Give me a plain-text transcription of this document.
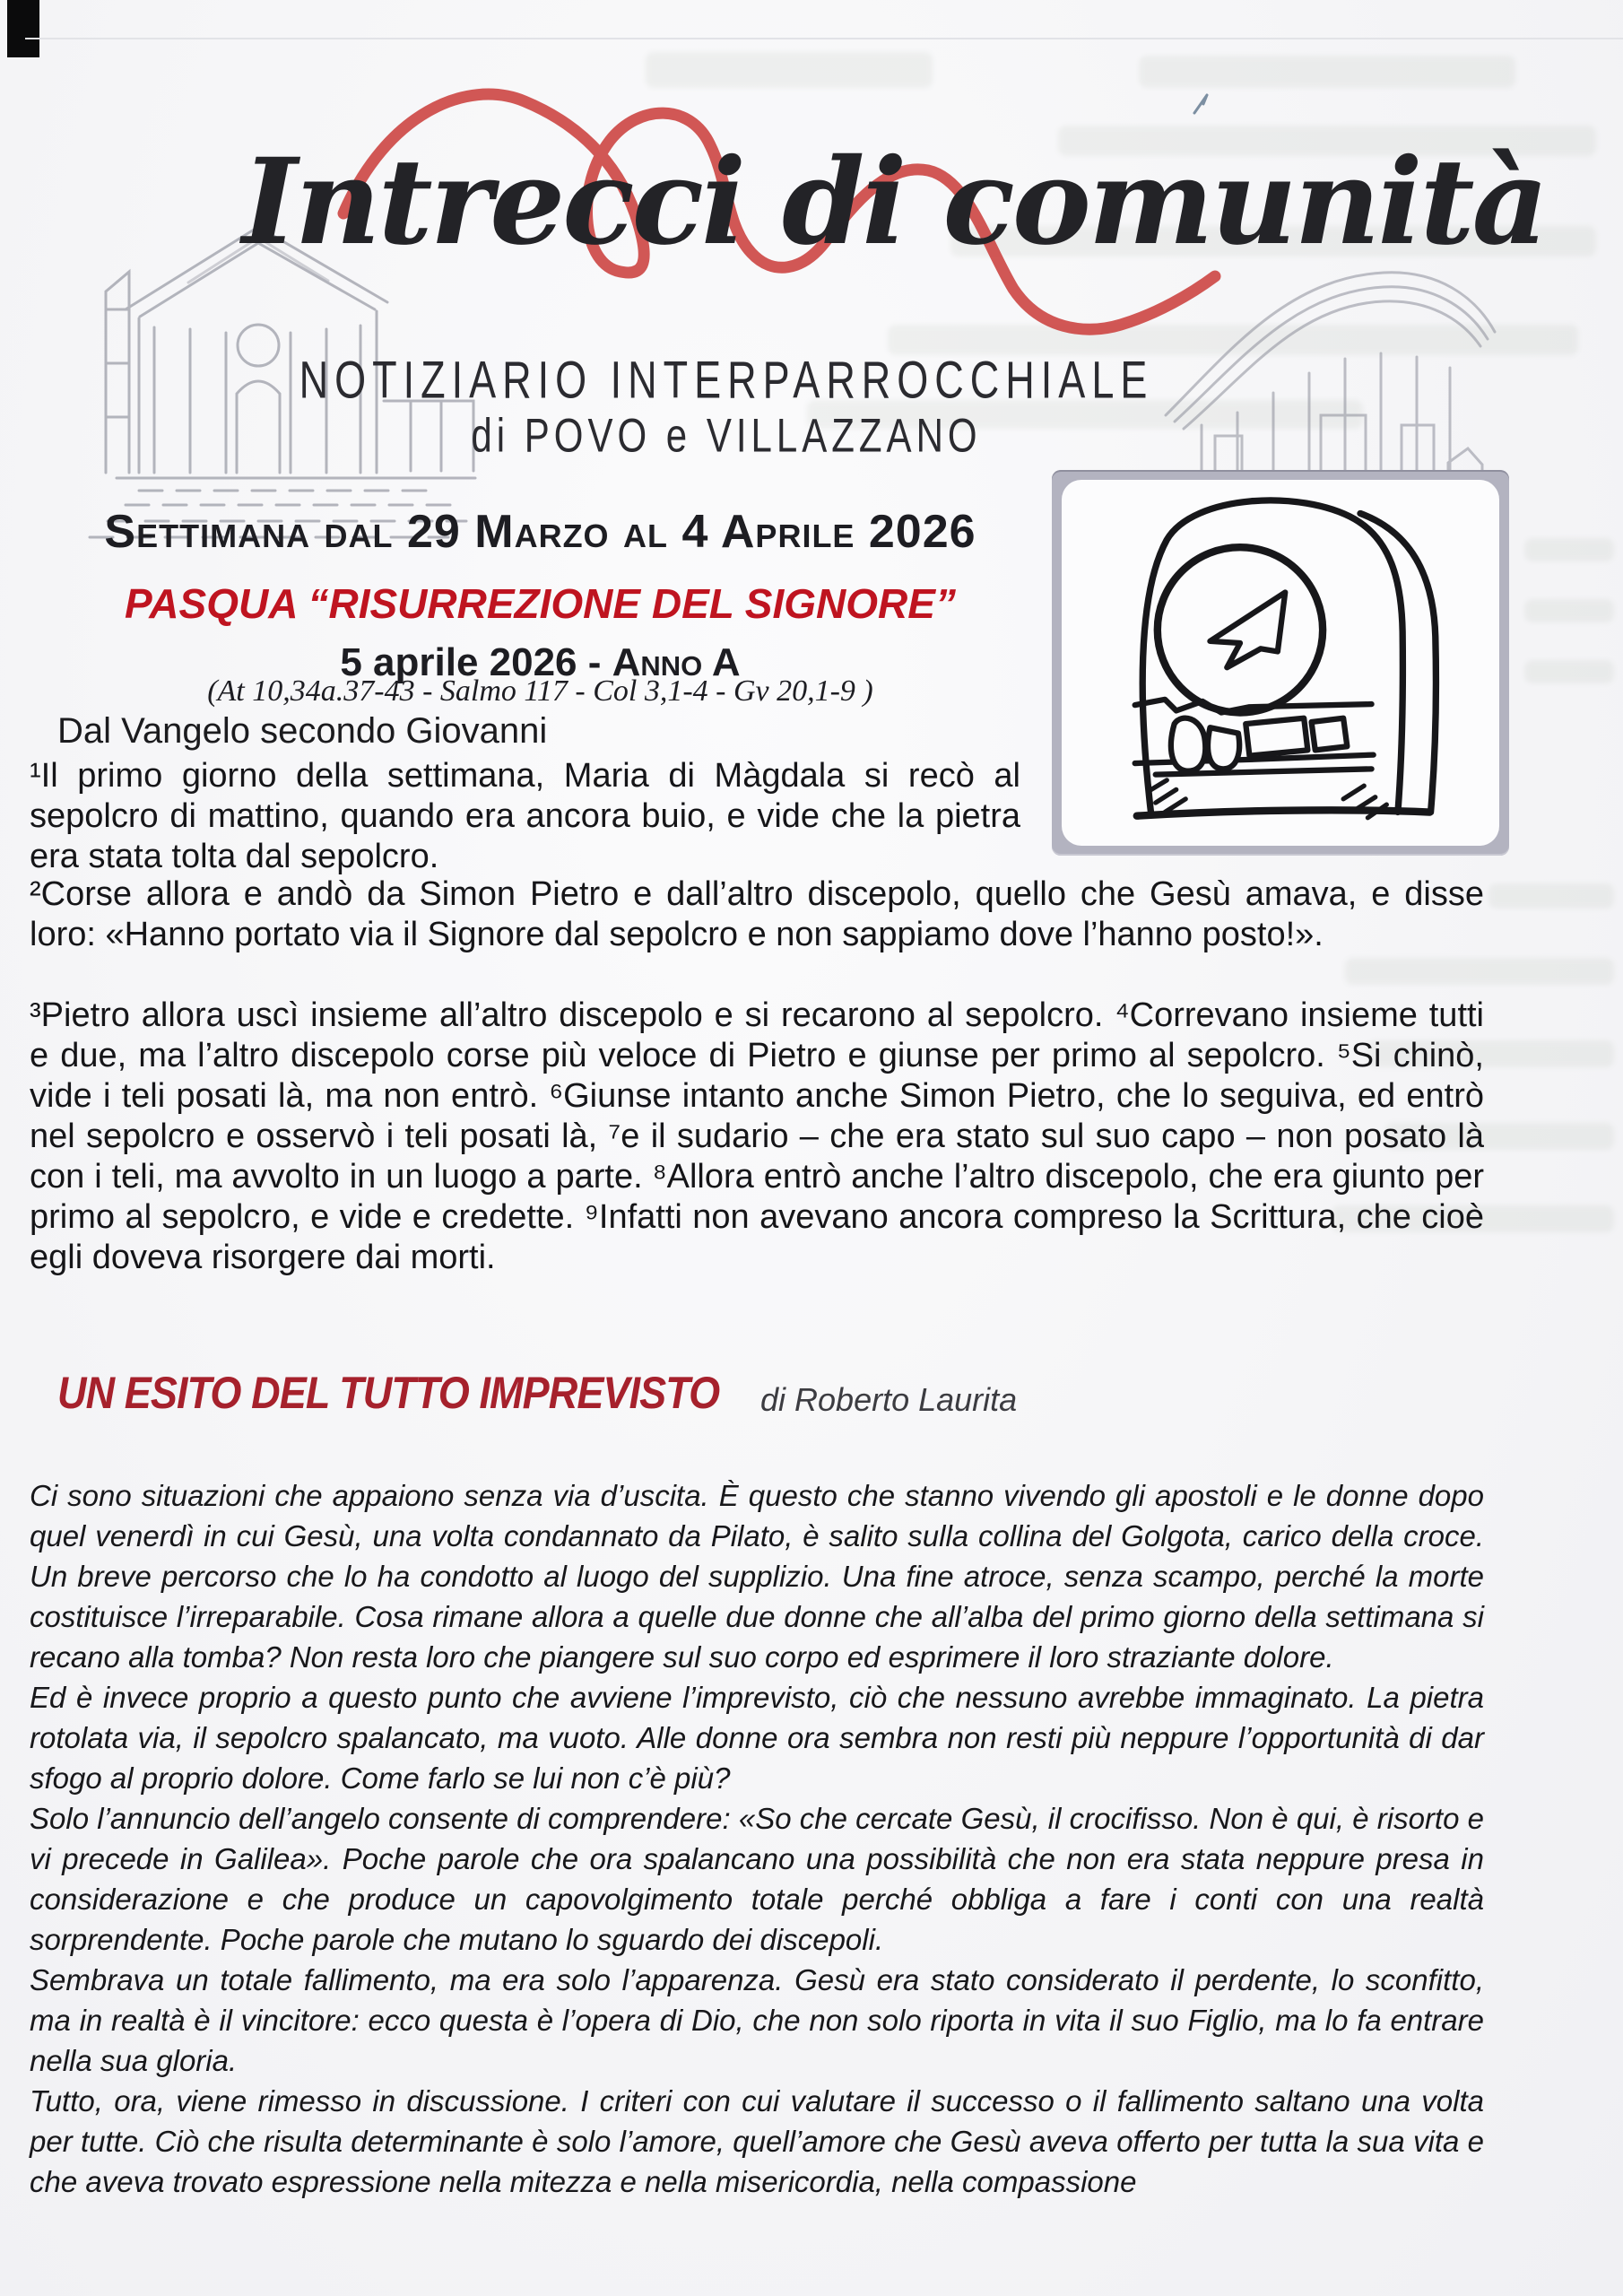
Intrecci di comunità
NOTIZIARIO INTERPARROCCHIALE
di POVO e VILLAZZANO
Settimana dal 29 Marzo al 4 Aprile 2026
PASQUA “RISURREZIONE DEL SIGNORE”
5 aprile 2026 - Anno A
(At 10,34a.37-43 - Salmo 117 - Col 3,1-4 - Gv 20,1-9 )
Dal Vangelo secondo Giovanni
¹Il primo giorno della settimana, Maria di Màgdala si recò al sepolcro di mattino, quando era ancora buio, e vide che la pietra era stata tolta dal sepolcro.
²Corse allora e andò da Simon Pietro e dall’altro discepolo, quello che Gesù amava, e disse loro: «Hanno portato via il Signore dal sepolcro e non sappiamo dove l’hanno posto!».
³Pietro allora uscì insieme all’altro discepolo e si recarono al sepolcro. ⁴Correvano insieme tutti e due, ma l’altro discepolo corse più veloce di Pietro e giunse per primo al sepolcro. ⁵Si chinò, vide i teli posati là, ma non entrò. ⁶Giunse intanto anche Simon Pietro, che lo seguiva, ed entrò nel sepolcro e osservò i teli posati là, ⁷e il sudario – che era stato sul suo capo – non posato là con i teli, ma avvolto in un luogo a parte. ⁸Allora entrò anche l’altro discepolo, che era giunto per primo al sepolcro, e vide e credette. ⁹Infatti non avevano ancora compreso la Scrittura, che cioè egli doveva risorgere dai morti.
UN ESITO DEL TUTTO IMPREVISTO di Roberto Laurita

Ci sono situazioni che appaiono senza via d’uscita. È questo che stanno vivendo gli apostoli e le donne dopo quel venerdì in cui Gesù, una volta condannato da Pilato, è salito sulla collina del Golgota, carico della croce. Un breve percorso che lo ha condotto al luogo del supplizio. Una fine atroce, senza scampo, perché la morte costituisce l’irreparabile. Cosa rimane allora a quelle due donne che all’alba del primo giorno della settimana si recano alla tomba? Non resta loro che piangere sul suo corpo ed esprimere il loro straziante dolore.

Ed è invece proprio a questo punto che avviene l’imprevisto, ciò che nessuno avrebbe immaginato. La pietra rotolata via, il sepolcro spalancato, ma vuoto. Alle donne ora sembra non resti più neppure l’opportunità di dar sfogo al proprio dolore. Come farlo se lui non c’è più?

Solo l’annuncio dell’angelo consente di comprendere: «So che cercate Gesù, il crocifisso. Non è qui, è risorto e vi precede in Galilea». Poche parole che ora spalancano una possibilità che non era stata neppure presa in considerazione e che produce un capovolgimento totale perché obbliga a fare i conti con una realtà sorprendente. Poche parole che mutano lo sguardo dei discepoli.

Sembrava un totale fallimento, ma era solo l’apparenza. Gesù era stato considerato il perdente, lo sconfitto, ma in realtà è il vincitore: ecco questa è l’opera di Dio, che non solo riporta in vita il suo Figlio, ma lo fa entrare nella sua gloria.

Tutto, ora, viene rimesso in discussione. I criteri con cui valutare il successo o il fallimento saltano una volta per tutte. Ciò che risulta determinante è solo l’amore, quell’amore che Gesù aveva offerto per tutta la sua vita e che aveva trovato espressione nella mitezza e nella misericordia, nella compassione
